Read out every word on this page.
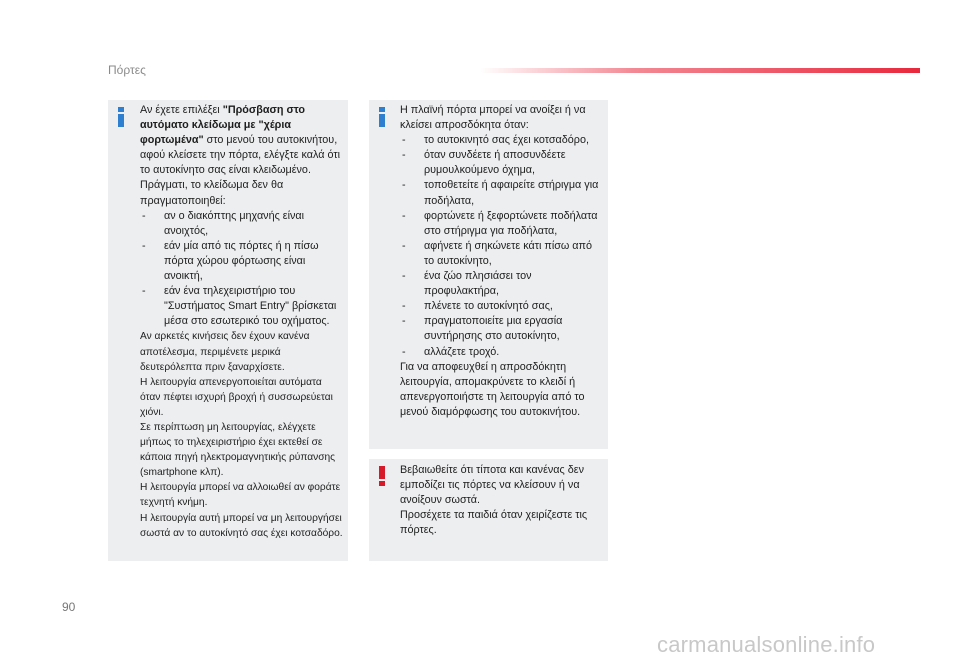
Πόρτες

Αν έχετε επιλέξει "Πρόσβαση στο αυτόματο κλείδωμα με "χέρια φορτωμένα" στο μενού του αυτοκινήτου, αφού κλείσετε την πόρτα, ελέγξτε καλά ότι το αυτοκίνητο σας είναι κλειδωμένο.

Πράγματι, το κλείδωμα δεν θα πραγματοποιηθεί:

- αν ο διακόπτης μηχανής είναι ανοιχτός,
- εάν μία από τις πόρτες ή η πίσω πόρτα χώρου φόρτωσης είναι ανοικτή,
- εάν ένα τηλεχειριστήριο του "Συστήματος Smart Entry" βρίσκεται μέσα στο εσωτερικό του οχήματος.

Αν αρκετές κινήσεις δεν έχουν κανένα αποτέλεσμα, περιμένετε μερικά δευτερόλεπτα πριν ξαναρχίσετε.

Η λειτουργία απενεργοποιείται αυτόματα όταν πέφτει ισχυρή βροχή ή συσσωρεύεται χιόνι.

Σε περίπτωση μη λειτουργίας, ελέγχετε μήπως το τηλεχειριστήριο έχει εκτεθεί σε κάποια πηγή ηλεκτρομαγνητικής ρύπανσης (smartphone κλπ).

Η λειτουργία μπορεί να αλλοιωθεί αν φοράτε τεχνητή κνήμη.

Η λειτουργία αυτή μπορεί να μη λειτουργήσει σωστά αν το αυτοκίνητό σας έχει κοτσαδόρο.

Η πλαϊνή πόρτα μπορεί να ανοίξει ή να κλείσει απροσδόκητα όταν:

- το αυτοκινητό σας έχει κοτσαδόρο,
- όταν συνδέετε ή αποσυνδέετε ρυμουλκούμενο όχημα,
- τοποθετείτε ή αφαιρείτε στήριγμα για ποδήλατα,
- φορτώνετε ή ξεφορτώνετε ποδήλατα στο στήριγμα για ποδήλατα,
- αφήνετε ή σηκώνετε κάτι πίσω από το αυτοκίνητο,
- ένα ζώο πλησιάσει τον προφυλακτήρα,
- πλένετε το αυτοκίνητό σας,
- πραγματοποιείτε μια εργασία συντήρησης στο αυτοκίνητο,
- αλλάζετε τροχό.

Για να αποφευχθεί η απροσδόκητη λειτουργία, απομακρύνετε το κλειδί ή απενεργοποιήστε τη λειτουργία από το μενού διαμόρφωσης του αυτοκινήτου.

Βεβαιωθείτε ότι τίποτα και κανένας δεν εμποδίζει τις πόρτες να κλείσουν ή να ανοίξουν σωστά.

Προσέχετε τα παιδιά όταν χειρίζεστε τις πόρτες.

90
carmanualsonline.info
